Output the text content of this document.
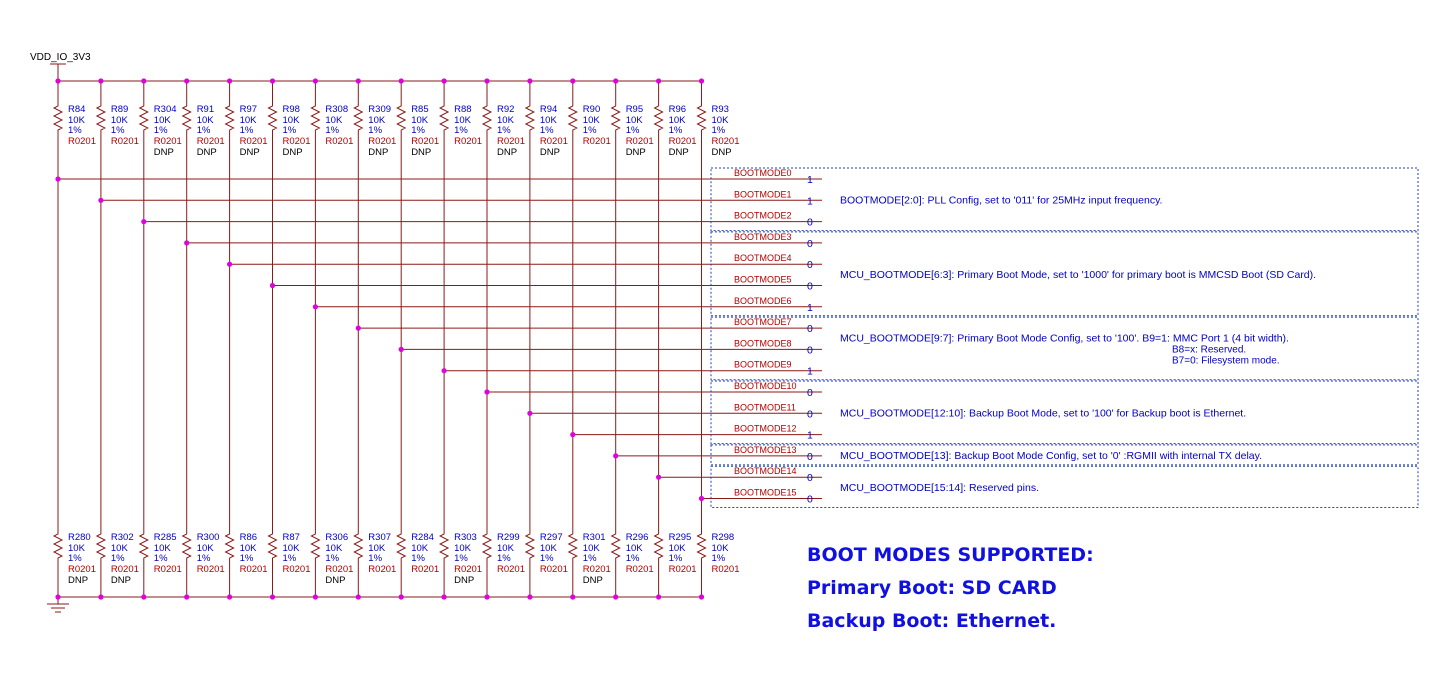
VDD_IO_3V3
R84
10K
1%
R0201
R89
10K
1%
R0201
R304
10K
1%
R0201
DNP
R91
10K
1%
R0201
DNP
R97
10K
1%
R0201
DNP
R98
10K
1%
R0201
DNP
R308
10K
1%
R0201
R309
10K
1%
R0201
DNP
R85
10K
1%
R0201
DNP
R88
10K
1%
R0201
R92
10K
1%
R0201
DNP
R94
10K
1%
R0201
DNP
R90
10K
1%
R0201
R95
10K
1%
R0201
DNP
R96
10K
1%
R0201
DNP
R93
10K
1%
R0201
DNP
R280
10K
1%
R0201
DNP
R302
10K
1%
R0201
DNP
R285
10K
1%
R0201
R300
10K
1%
R0201
R86
10K
1%
R0201
R87
10K
1%
R0201
R306
10K
1%
R0201
DNP
R307
10K
1%
R0201
R284
10K
1%
R0201
R303
10K
1%
R0201
DNP
R299
10K
1%
R0201
R297
10K
1%
R0201
R301
10K
1%
R0201
DNP
R296
10K
1%
R0201
R295
10K
1%
R0201
R298
10K
1%
R0201
BOOTMODE0
1
BOOTMODE1
1
BOOTMODE2
0
BOOTMODE3
0
BOOTMODE4
0
BOOTMODE5
0
BOOTMODE6
1
BOOTMODE7
0
BOOTMODE8
0
BOOTMODE9
1
BOOTMODE10
0
BOOTMODE11
0
BOOTMODE12
1
BOOTMODE13
0
BOOTMODE14
0
BOOTMODE15
0
BOOTMODE[2:0]: PLL Config, set to '011' for 25MHz input frequency.
MCU_BOOTMODE[6:3]: Primary Boot Mode, set to '1000' for primary boot is MMCSD Boot (SD Card).
MCU_BOOTMODE[9:7]: Primary Boot Mode Config, set to '100'. B9=1: MMC Port 1 (4 bit width).
B8=x: Reserved.
B7=0: Filesystem mode.
MCU_BOOTMODE[12:10]: Backup Boot Mode, set to '100' for Backup boot is Ethernet.
MCU_BOOTMODE[13]: Backup Boot Mode Config, set to '0' :RGMII with internal TX delay.
MCU_BOOTMODE[15:14]: Reserved pins.
BOOT MODES SUPPORTED:
Primary Boot: SD CARD
Backup Boot: Ethernet.
